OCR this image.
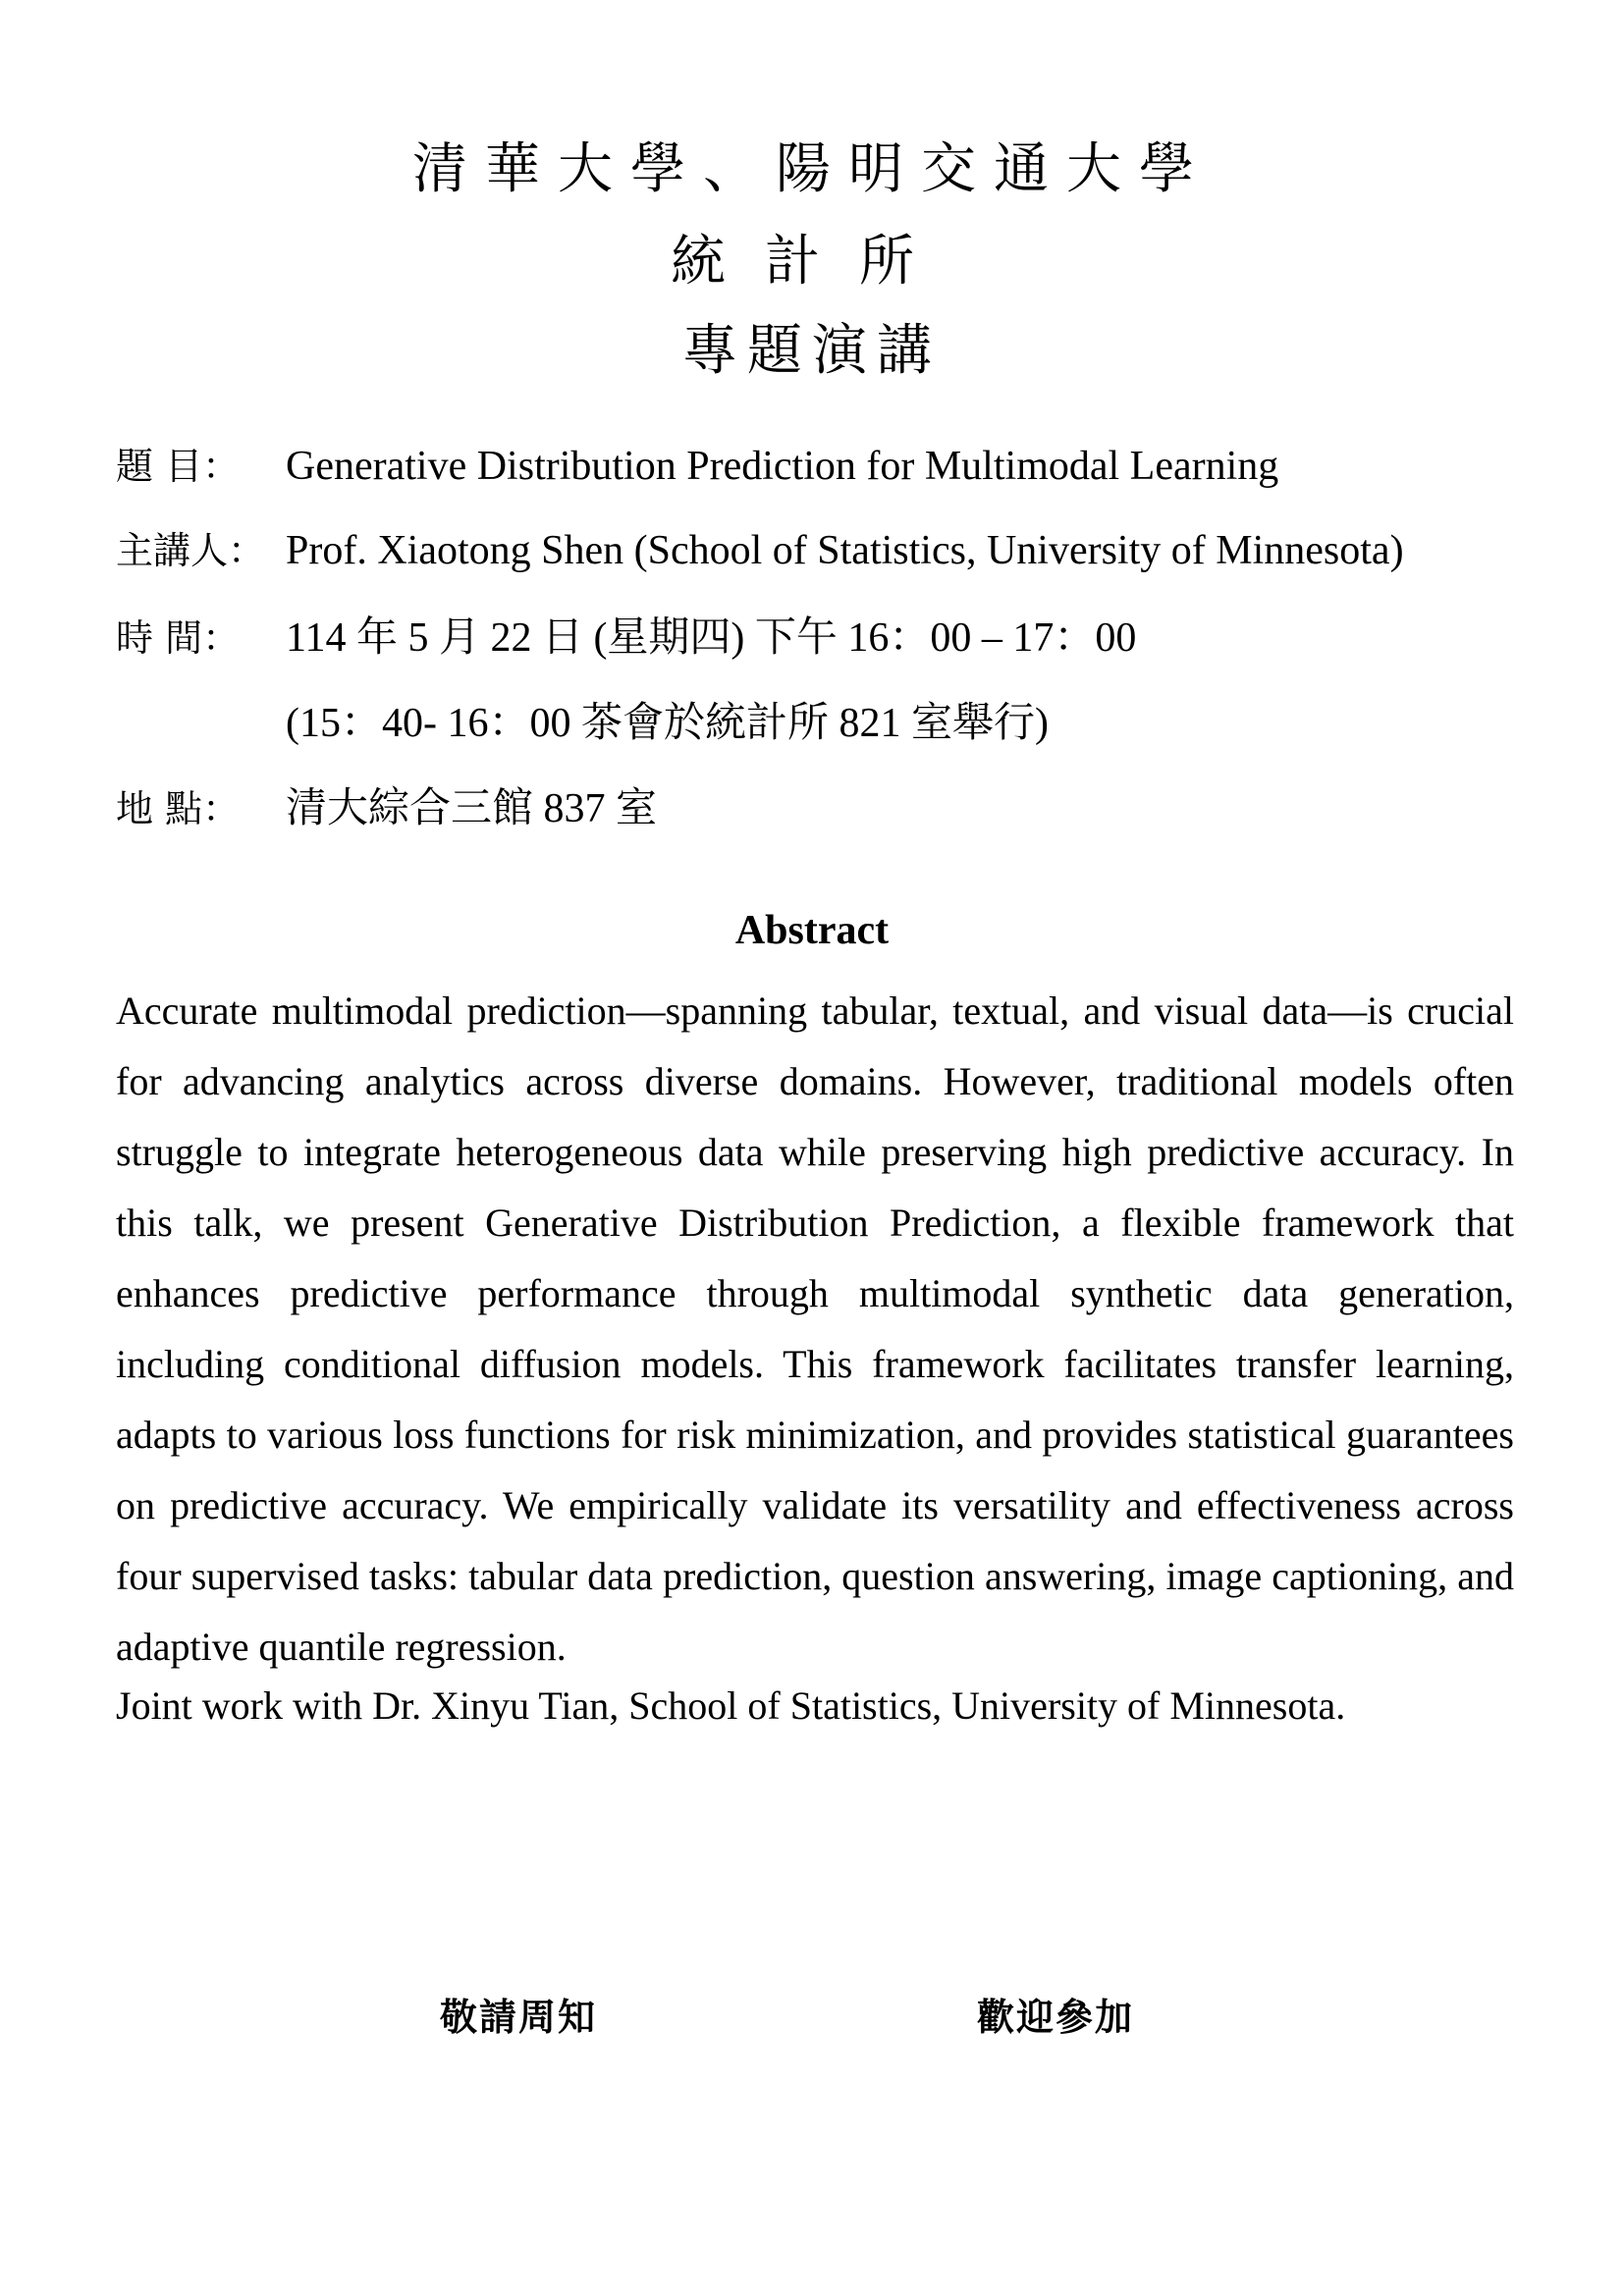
清華大學、陽明交通大學
統計所
專題演講
題 目：	Generative Distribution Prediction for Multimodal Learning
主講人： Prof. Xiaotong Shen (School of Statistics, University of Minnesota)
時 間：	114 年 5 月 22 日 (星期四) 下午 16：00 – 17：00
(15：40- 16：00 茶會於統計所 821 室舉行)
地 點：	清大綜合三館 837 室
Abstract

Accurate multimodal prediction—spanning tabular, textual, and visual data—is crucial for advancing analytics across diverse domains. However, traditional models often struggle to integrate heterogeneous data while preserving high predictive accuracy. In this talk, we present Generative Distribution Prediction, a flexible framework that enhances predictive performance through multimodal synthetic data generation, including conditional diffusion models. This framework facilitates transfer learning, adapts to various loss functions for risk minimization, and provides statistical guarantees on predictive accuracy. We empirically validate its versatility and effectiveness across four supervised tasks: tabular data prediction, question answering, image captioning, and adaptive quantile regression.

Joint work with Dr. Xinyu Tian, School of Statistics, University of Minnesota.
敬請周知	歡迎參加
